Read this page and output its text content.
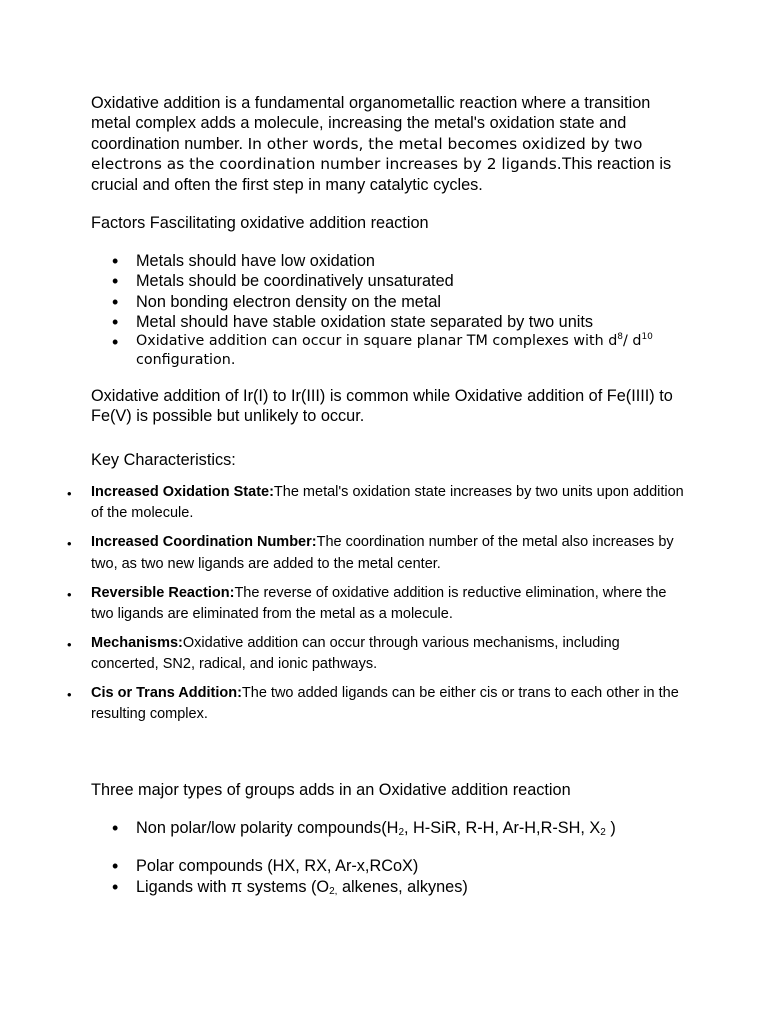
Oxidative addition is a fundamental organometallic reaction where a transition metal complex adds a molecule, increasing the metal's oxidation state and coordination number. In other words, the metal becomes oxidized by two electrons as the coordination number increases by 2 ligands.This reaction is crucial and often the first step in many catalytic cycles.

Factors Fascilitating oxidative addition reaction
• Metals should have low oxidation
• Metals should be coordinatively unsaturated
• Non bonding electron density on the metal
• Metal should have stable oxidation state separated by two units
• Oxidative addition can occur in square planar TM complexes with $d^8/$ $d^{10}$ configuration.

Oxidative addition of Ir(I) to Ir(III) is common while Oxidative addition of Fe(IIII) to Fe(V) is possible but unlikely to occur.

Key Characteristics:
• Increased Oxidation State:The metal's oxidation state increases by two units upon addition of the molecule.
• Increased Coordination Number:The coordination number of the metal also increases by two, as two new ligands are added to the metal center.
• Reversible Reaction:The reverse of oxidative addition is reductive elimination, where the two ligands are eliminated from the metal as a molecule.
• Mechanisms:Oxidative addition can occur through various mechanisms, including concerted, SN2, radical, and ionic pathways.
• Cis or Trans Addition:The two added ligands can be either cis or trans to each other in the resulting complex.
Three major types of groups adds in an Oxidative addition reaction
• Non polar/low polarity $compounds(H_2$, H-SiR, R-H, Ar-H,R-SH, $X_2$ )
• Polar compounds (HX, RX, Ar-x,RCoX)
• Ligands with π systems ($O_{2,}$ alkenes, alkynes)
